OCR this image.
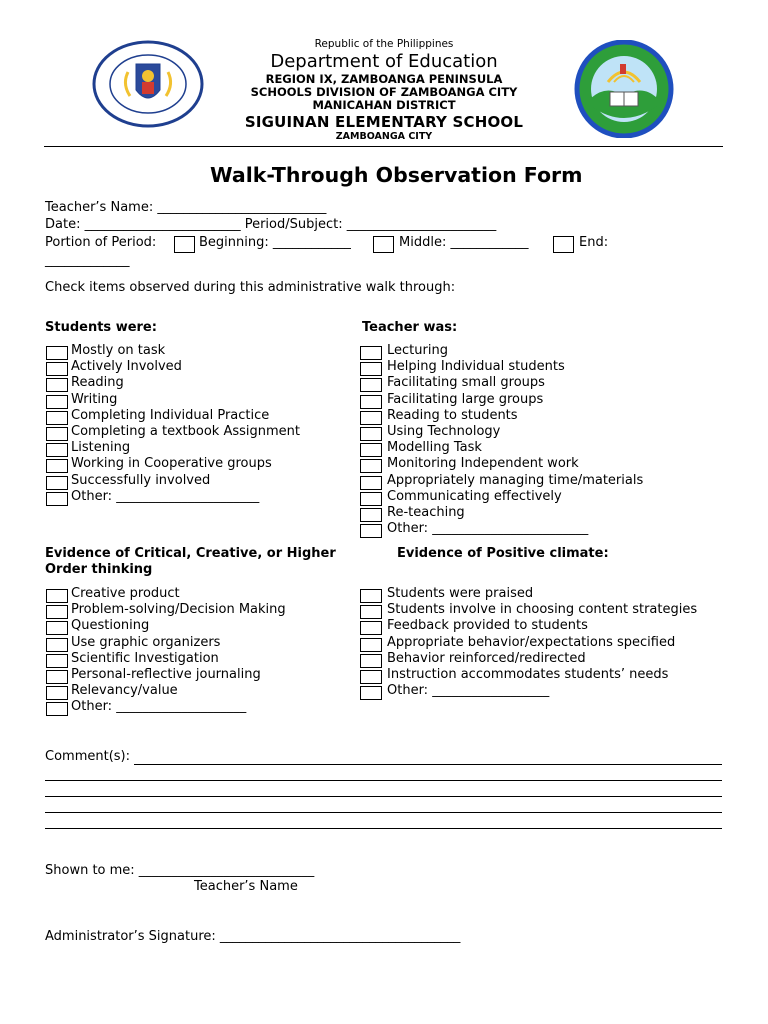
Republic of the Philippines
Department of Education
REGION IX, ZAMBOANGA PENINSULA
SCHOOLS DIVISION OF ZAMBOANGA CITY
MANICAHAN DISTRICT
SIGUINAN ELEMENTARY SCHOOL
ZAMBOANGA CITY
Walk-Through Observation Form
Teacher’s Name: __________________________
Date: ________________________ Period/Subject: _______________________
Portion of Period:	Beginning: ____________	Middle: ____________	End:
_____________
Check items observed during this administrative walk through:
Students were:	Teacher was:
Mostly on task
Actively Involved
Reading
Writing
Completing Individual Practice
Completing a textbook Assignment
Listening
Working in Cooperative groups
Successfully involved
Other: ______________________
Lecturing
Helping Individual students
Facilitating small groups
Facilitating large groups
Reading to students
Using Technology
Modelling Task
Monitoring Independent work
Appropriately managing time/materials
Communicating effectively
Re-teaching
Other: ________________________
Evidence of Critical, Creative, or Higher
Order thinking
Evidence of Positive climate:
Creative product
Problem-solving/Decision Making
Questioning
Use graphic organizers
Scientific Investigation
Personal-reflective journaling
Relevancy/value
Other: ____________________
Students were praised
Students involve in choosing content strategies
Feedback provided to students
Appropriate behavior/expectations specified
Behavior reinforced/redirected
Instruction accommodates students’ needs
Other: __________________
Comment(s):
Shown to me: ___________________________
Teacher’s Name
Administrator’s Signature: _____________________________________
